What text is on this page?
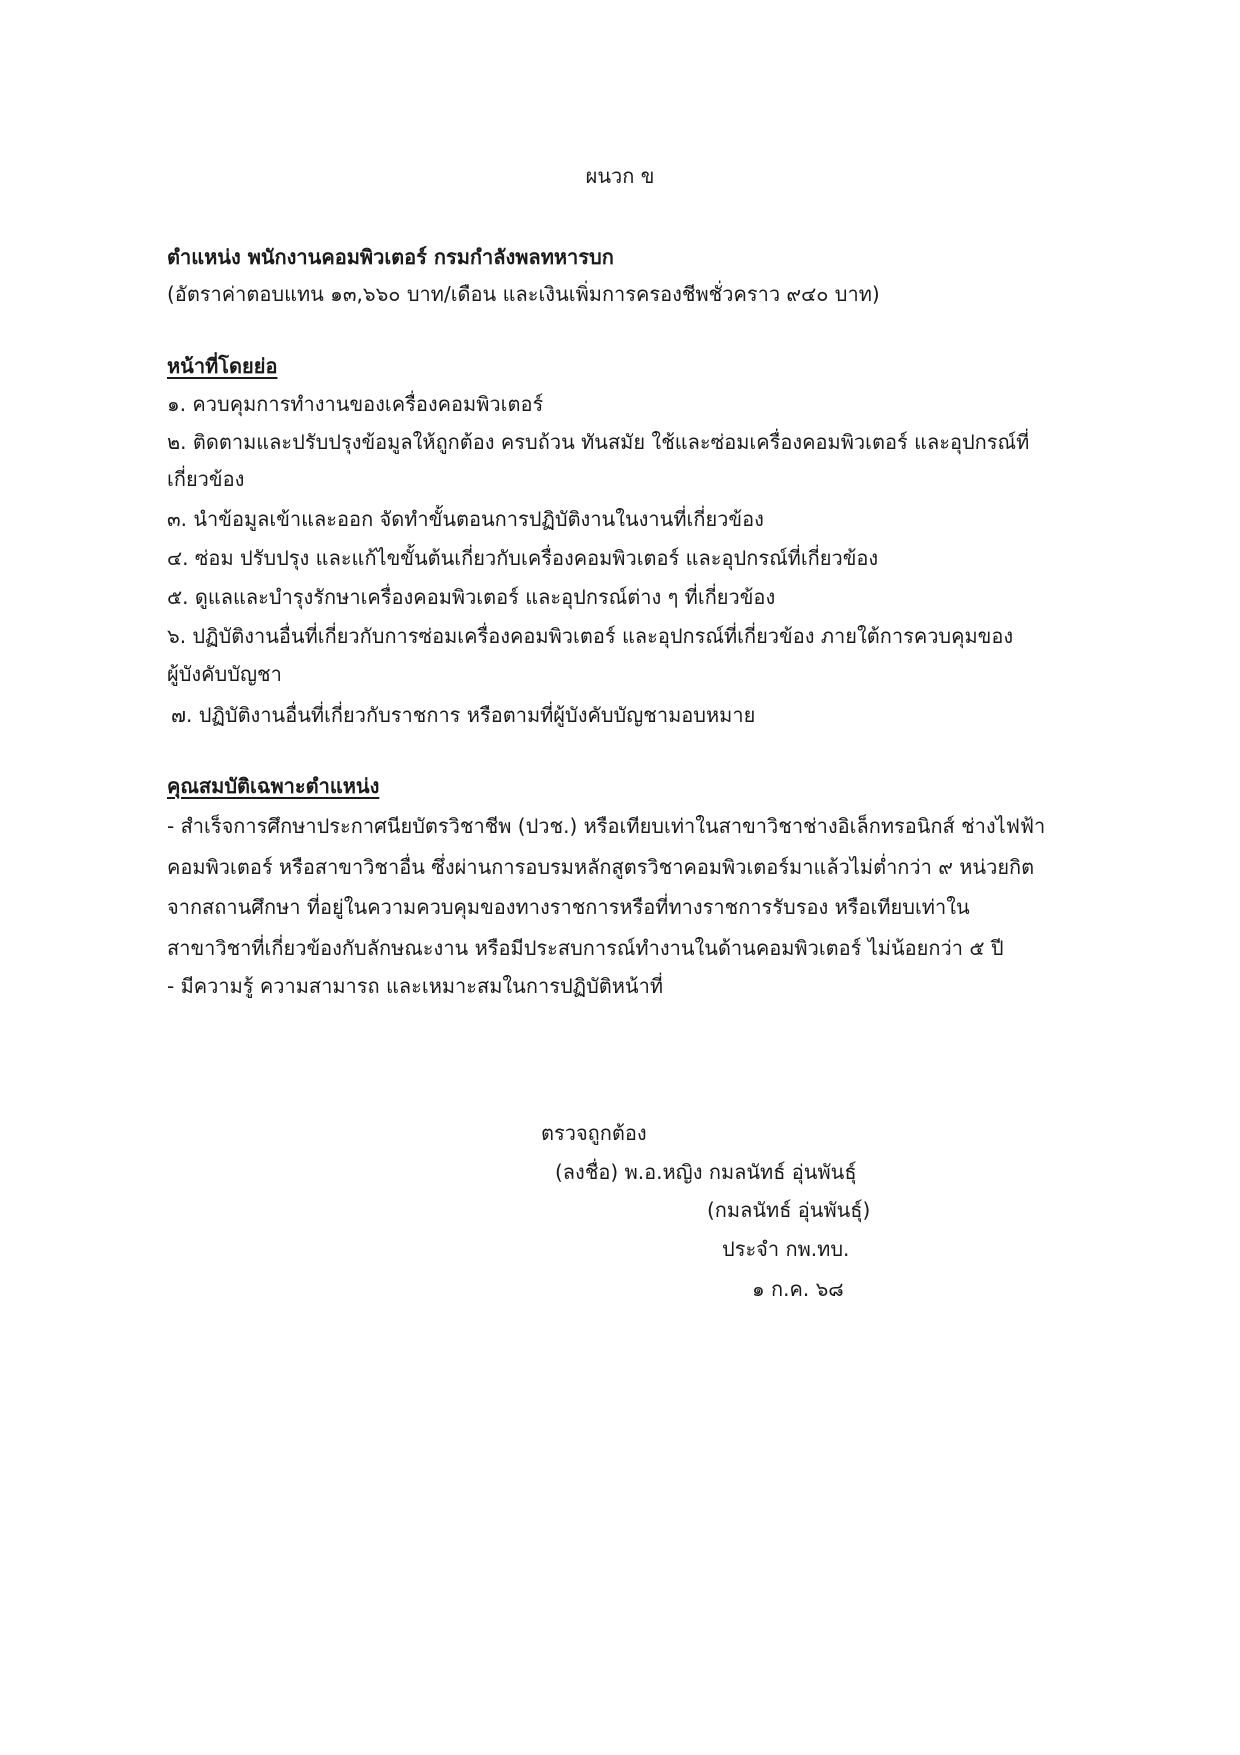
ผนวก ข
ตำแหน่ง พนักงานคอมพิวเตอร์ กรมกำลังพลทหารบก
(อัตราค่าตอบแทน ๑๓,๖๖๐ บาท/เดือน และเงินเพิ่มการครองชีพชั่วคราว ๙๔๐ บาท)
หน้าที่โดยย่อ
๑. ควบคุมการทำงานของเครื่องคอมพิวเตอร์
๒. ติดตามและปรับปรุงข้อมูลให้ถูกต้อง ครบถ้วน ทันสมัย ใช้และซ่อมเครื่องคอมพิวเตอร์ และอุปกรณ์ที่
เกี่ยวข้อง
๓. นำข้อมูลเข้าและออก จัดทำขั้นตอนการปฏิบัติงานในงานที่เกี่ยวข้อง
๔. ซ่อม ปรับปรุง และแก้ไขขั้นต้นเกี่ยวกับเครื่องคอมพิวเตอร์ และอุปกรณ์ที่เกี่ยวข้อง
๕. ดูแลและบำรุงรักษาเครื่องคอมพิวเตอร์ และอุปกรณ์ต่าง ๆ ที่เกี่ยวข้อง
๖. ปฏิบัติงานอื่นที่เกี่ยวกับการซ่อมเครื่องคอมพิวเตอร์ และอุปกรณ์ที่เกี่ยวข้อง ภายใต้การควบคุมของ
ผู้บังคับบัญชา
๗. ปฏิบัติงานอื่นที่เกี่ยวกับราชการ หรือตามที่ผู้บังคับบัญชามอบหมาย
คุณสมบัติเฉพาะตำแหน่ง
- สำเร็จการศึกษาประกาศนียบัตรวิชาชีพ (ปวช.) หรือเทียบเท่าในสาขาวิชาช่างอิเล็กทรอนิกส์ ช่างไฟฟ้า
คอมพิวเตอร์ หรือสาขาวิชาอื่น ซึ่งผ่านการอบรมหลักสูตรวิชาคอมพิวเตอร์มาแล้วไม่ต่ำกว่า ๙ หน่วยกิต
จากสถานศึกษา ที่อยู่ในความควบคุมของทางราชการหรือที่ทางราชการรับรอง หรือเทียบเท่าใน
สาขาวิชาที่เกี่ยวข้องกับลักษณะงาน หรือมีประสบการณ์ทำงานในด้านคอมพิวเตอร์ ไม่น้อยกว่า ๕ ปี
- มีความรู้ ความสามารถ และเหมาะสมในการปฏิบัติหน้าที่
ตรวจถูกต้อง
(ลงชื่อ) พ.อ.หญิง กมลนัทธ์ อุ่นพันธุ์
(กมลนัทธ์ อุ่นพันธุ์)
ประจำ กพ.ทบ.
๑ ก.ค. ๖๘
